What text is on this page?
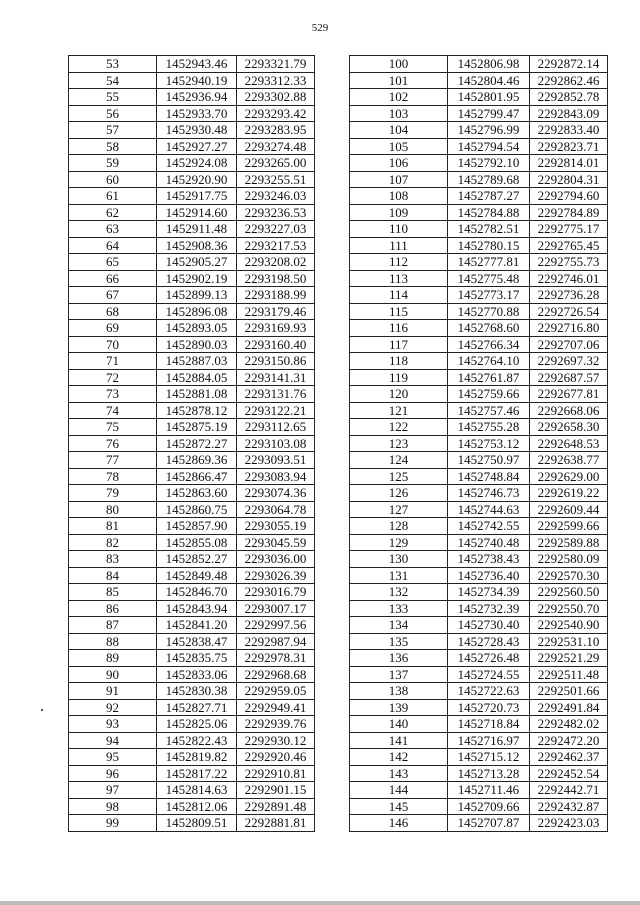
529
53	1452943.46	2293321.79
54	1452940.19	2293312.33
55	1452936.94	2293302.88
56	1452933.70	2293293.42
57	1452930.48	2293283.95
58	1452927.27	2293274.48
59	1452924.08	2293265.00
60	1452920.90	2293255.51
61	1452917.75	2293246.03
62	1452914.60	2293236.53
63	1452911.48	2293227.03
64	1452908.36	2293217.53
65	1452905.27	2293208.02
66	1452902.19	2293198.50
67	1452899.13	2293188.99
68	1452896.08	2293179.46
69	1452893.05	2293169.93
70	1452890.03	2293160.40
71	1452887.03	2293150.86
72	1452884.05	2293141.31
73	1452881.08	2293131.76
74	1452878.12	2293122.21
75	1452875.19	2293112.65
76	1452872.27	2293103.08
77	1452869.36	2293093.51
78	1452866.47	2293083.94
79	1452863.60	2293074.36
80	1452860.75	2293064.78
81	1452857.90	2293055.19
82	1452855.08	2293045.59
83	1452852.27	2293036.00
84	1452849.48	2293026.39
85	1452846.70	2293016.79
86	1452843.94	2293007.17
87	1452841.20	2292997.56
88	1452838.47	2292987.94
89	1452835.75	2292978.31
90	1452833.06	2292968.68
91	1452830.38	2292959.05
92	1452827.71	2292949.41
93	1452825.06	2292939.76
94	1452822.43	2292930.12
95	1452819.82	2292920.46
96	1452817.22	2292910.81
97	1452814.63	2292901.15
98	1452812.06	2292891.48
99	1452809.51	2292881.81
100	1452806.98	2292872.14
101	1452804.46	2292862.46
102	1452801.95	2292852.78
103	1452799.47	2292843.09
104	1452796.99	2292833.40
105	1452794.54	2292823.71
106	1452792.10	2292814.01
107	1452789.68	2292804.31
108	1452787.27	2292794.60
109	1452784.88	2292784.89
110	1452782.51	2292775.17
111	1452780.15	2292765.45
112	1452777.81	2292755.73
113	1452775.48	2292746.01
114	1452773.17	2292736.28
115	1452770.88	2292726.54
116	1452768.60	2292716.80
117	1452766.34	2292707.06
118	1452764.10	2292697.32
119	1452761.87	2292687.57
120	1452759.66	2292677.81
121	1452757.46	2292668.06
122	1452755.28	2292658.30
123	1452753.12	2292648.53
124	1452750.97	2292638.77
125	1452748.84	2292629.00
126	1452746.73	2292619.22
127	1452744.63	2292609.44
128	1452742.55	2292599.66
129	1452740.48	2292589.88
130	1452738.43	2292580.09
131	1452736.40	2292570.30
132	1452734.39	2292560.50
133	1452732.39	2292550.70
134	1452730.40	2292540.90
135	1452728.43	2292531.10
136	1452726.48	2292521.29
137	1452724.55	2292511.48
138	1452722.63	2292501.66
139	1452720.73	2292491.84
140	1452718.84	2292482.02
141	1452716.97	2292472.20
142	1452715.12	2292462.37
143	1452713.28	2292452.54
144	1452711.46	2292442.71
145	1452709.66	2292432.87
146	1452707.87	2292423.03
